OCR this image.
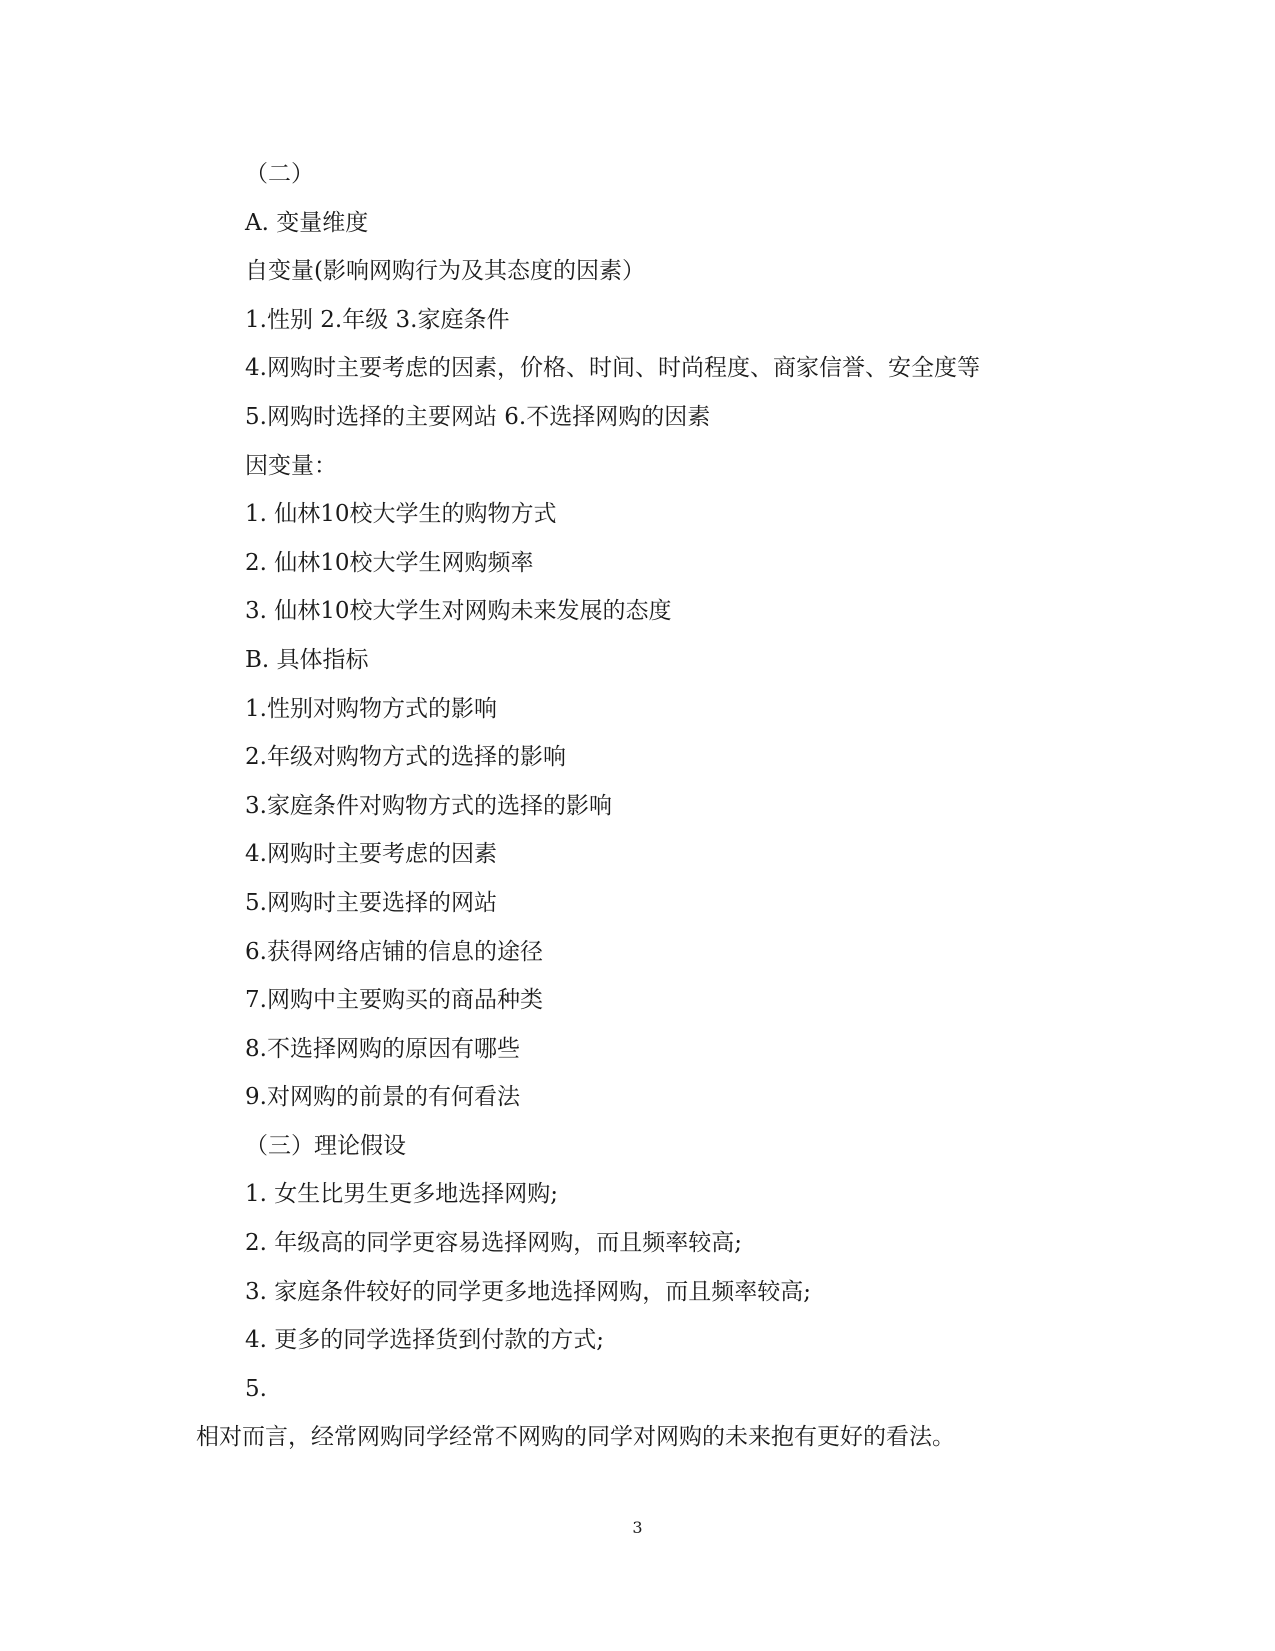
（二）
A. 变量维度
自变量(影响网购行为及其态度的因素）
1.性别 2.年级 3.家庭条件
4.网购时主要考虑的因素，价格、时间、时尚程度、商家信誉、安全度等
5.网购时选择的主要网站 6.不选择网购的因素
因变量：
1. 仙林10校大学生的购物方式
2. 仙林10校大学生网购频率
3. 仙林10校大学生对网购未来发展的态度
B. 具体指标
1.性别对购物方式的影响
2.年级对购物方式的选择的影响
3.家庭条件对购物方式的选择的影响
4.网购时主要考虑的因素
5.网购时主要选择的网站
6.获得网络店铺的信息的途径
7.网购中主要购买的商品种类
8.不选择网购的原因有哪些
9.对网购的前景的有何看法
（三）理论假设
1. 女生比男生更多地选择网购;
2. 年级高的同学更容易选择网购，而且频率较高;
3. 家庭条件较好的同学更多地选择网购，而且频率较高;
4. 更多的同学选择货到付款的方式;
5.
相对而言，经常网购同学经常不网购的同学对网购的未来抱有更好的看法。
3
